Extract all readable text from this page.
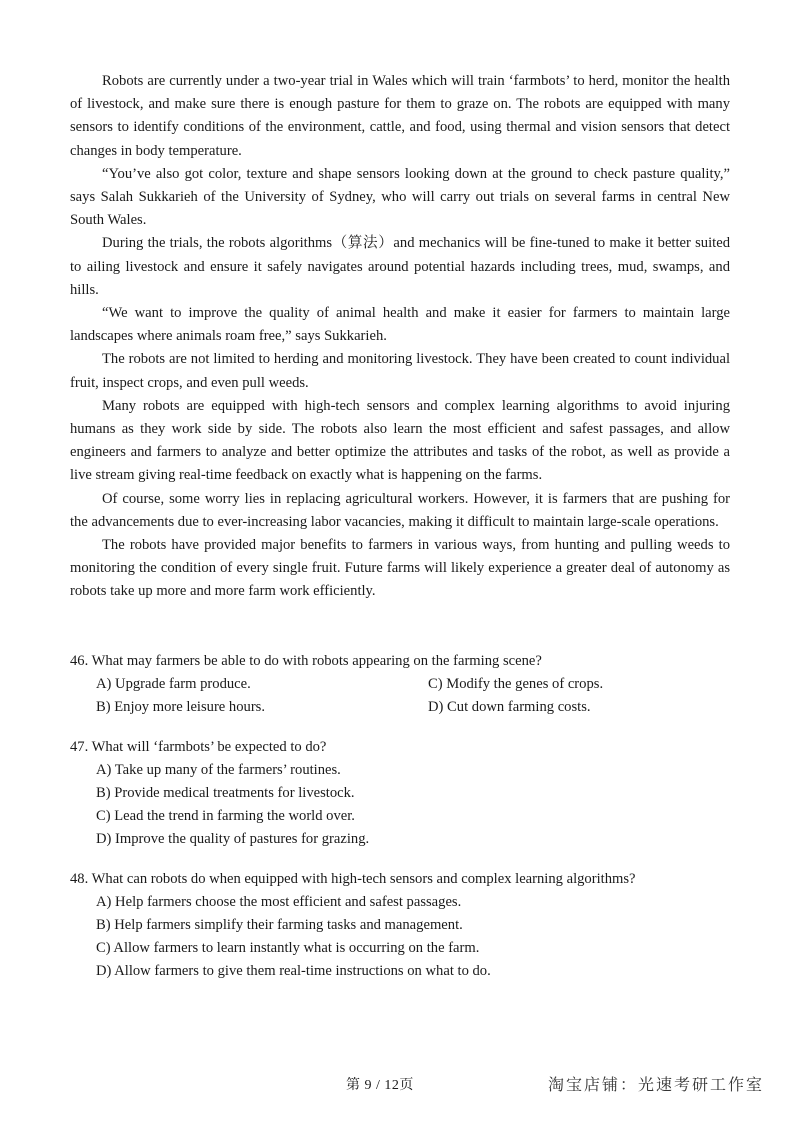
Robots are currently under a two-year trial in Wales which will train ‘farmbots’ to herd, monitor the health of livestock, and make sure there is enough pasture for them to graze on. The robots are equipped with many sensors to identify conditions of the environment, cattle, and food, using thermal and vision sensors that detect changes in body temperature.

“You’ve also got color, texture and shape sensors looking down at the ground to check pasture quality,” says Salah Sukkarieh of the University of Sydney, who will carry out trials on several farms in central New South Wales.

During the trials, the robots algorithms（算法）and mechanics will be fine-tuned to make it better suited to ailing livestock and ensure it safely navigates around potential hazards including trees, mud, swamps, and hills.

“We want to improve the quality of animal health and make it easier for farmers to maintain large landscapes where animals roam free,” says Sukkarieh.

The robots are not limited to herding and monitoring livestock. They have been created to count individual fruit, inspect crops, and even pull weeds.

Many robots are equipped with high-tech sensors and complex learning algorithms to avoid injuring humans as they work side by side. The robots also learn the most efficient and safest passages, and allow engineers and farmers to analyze and better optimize the attributes and tasks of the robot, as well as provide a live stream giving real-time feedback on exactly what is happening on the farms.

Of course, some worry lies in replacing agricultural workers. However, it is farmers that are pushing for the advancements due to ever-increasing labor vacancies, making it difficult to maintain large-scale operations.

The robots have provided major benefits to farmers in various ways, from hunting and pulling weeds to monitoring the condition of every single fruit. Future farms will likely experience a greater deal of autonomy as robots take up more and more farm work efficiently.

46. What may farmers be able to do with robots appearing on the farming scene?

A) Upgrade farm produce.	C) Modify the genes of crops.

B) Enjoy more leisure hours.	D) Cut down farming costs.

47. What will ‘farmbots’ be expected to do?

A) Take up many of the farmers’ routines.

B) Provide medical treatments for livestock.

C) Lead the trend in farming the world over.

D) Improve the quality of pastures for grazing.

48. What can robots do when equipped with high-tech sensors and complex learning algorithms?

A) Help farmers choose the most efficient and safest passages.

B) Help farmers simplify their farming tasks and management.

C) Allow farmers to learn instantly what is occurring on the farm.

D) Allow farmers to give them real-time instructions on what to do.

第 9 / 12页	淘宝店铺：光速考研工作室
